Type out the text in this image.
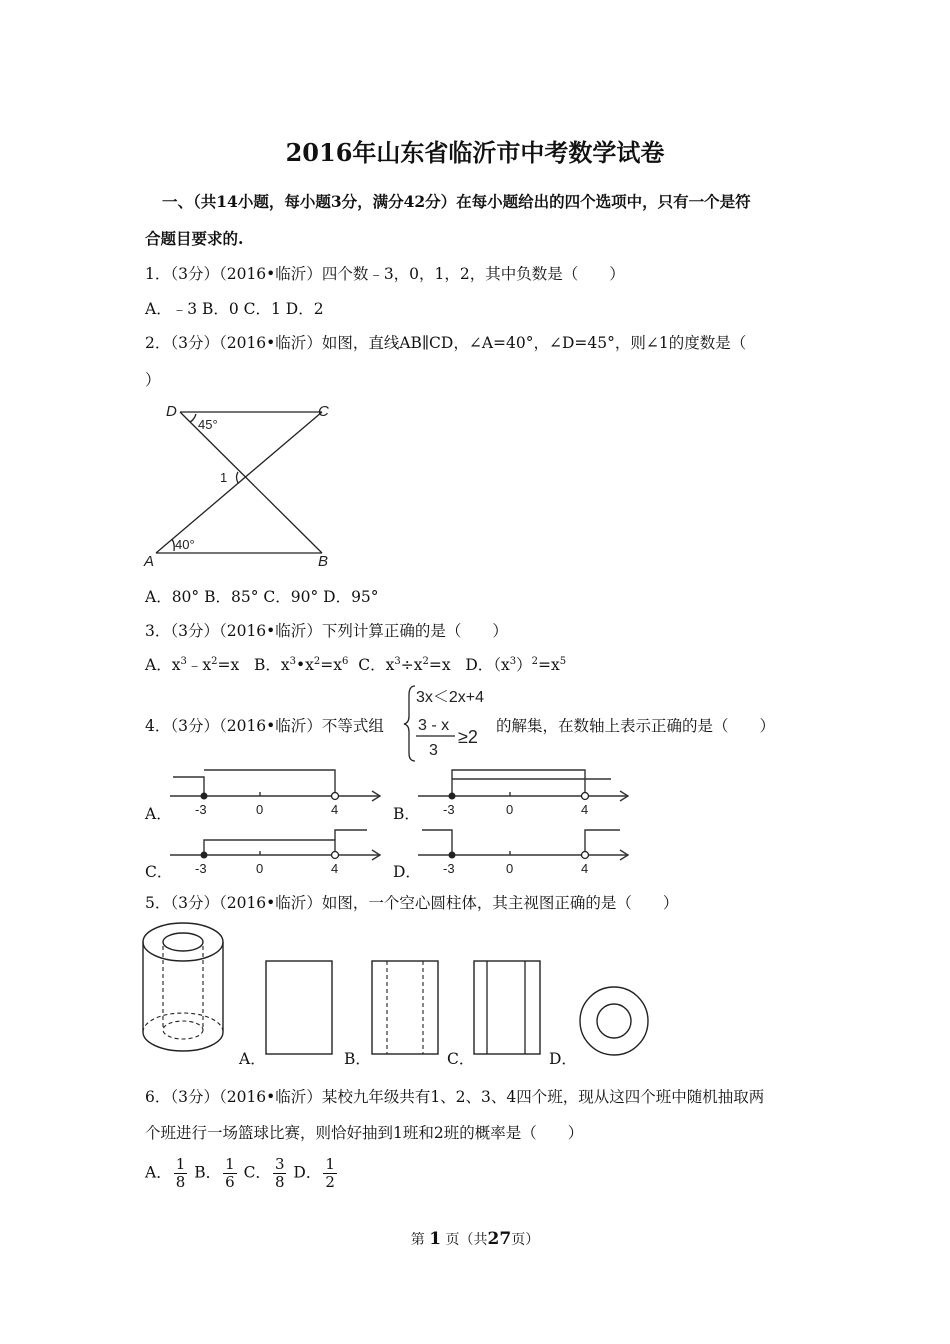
2016年山东省临沂市中考数学试卷
一、（共14小题，每小题3分，满分42分）在每小题给出的四个选项中，只有一个是符
合题目要求的.
1．（3分）（2016•临沂）四个数﹣3，0，1，2，其中负数是（　　）
A．﹣3 B．0 C．1 D．2
2．（3分）（2016•临沂）如图，直线AB∥CD，∠A=40°，∠D=45°，则∠1的度数是（
）
D	C
A	B
45°
40°
1
A．80° B．85° C．90° D．95°
3．（3分）（2016•临沂）下列计算正确的是（　　）
A．$x^3﹣x^2=x$ B．$x^3•x^2=x^6$ C．$x^3\div x^2=x$ D．$(x^3)^2=x^5$
4．（3分）（2016•临沂）不等式组
3x＜2x+4
3 - x
3
≥2
的解集，在数轴上表示正确的是（　　）
A．	B．
C．	D．
-3	0	4	-3	0	4
-3	0	4	-3	0	4
5．（3分）（2016•临沂）如图，一个空心圆柱体，其主视图正确的是（　　）
A．	B．	C．	D．
6．（3分）（2016•临沂）某校九年级共有1、2、3、4四个班，现从这四个班中随机抽取两
个班进行一场篮球比赛，则恰好抽到1班和2班的概率是（　　）
A． $\frac{1}{8}$ B． $\frac{1}{6}$ C． $\frac{3}{8}$ D． $\frac{1}{2}$
第 1 页（共27页）
